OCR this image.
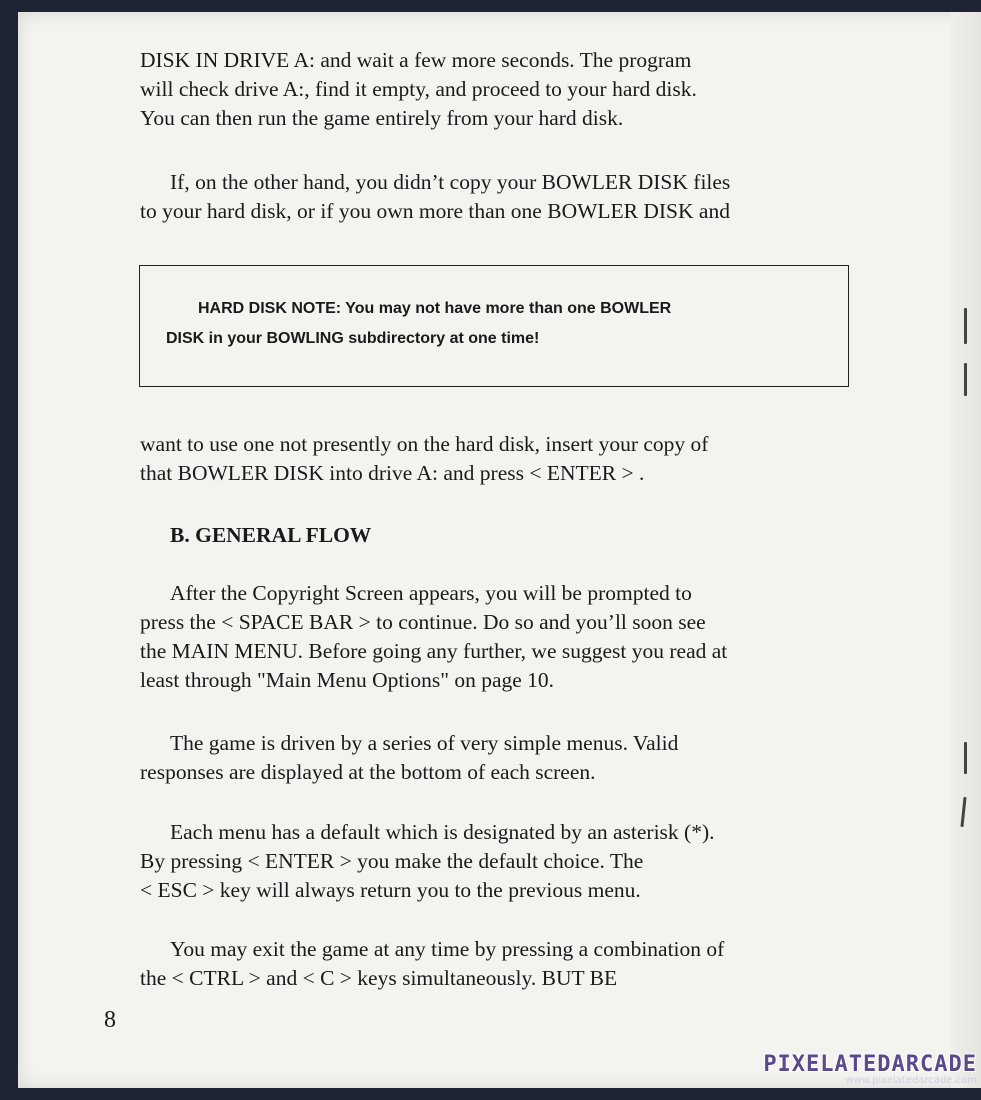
DISK IN DRIVE A: and wait a few more seconds. The program
will check drive A:, find it empty, and proceed to your hard disk.
You can then run the game entirely from your hard disk.

If, on the other hand, you didn’t copy your BOWLER DISK files
to your hard disk, or if you own more than one BOWLER DISK and

HARD DISK NOTE: You may not have more than one BOWLER
DISK in your BOWLING subdirectory at one time!

want to use one not presently on the hard disk, insert your copy of
that BOWLER DISK into drive A: and press < ENTER > .

B. GENERAL FLOW

After the Copyright Screen appears, you will be prompted to
press the < SPACE BAR > to continue. Do so and you’ll soon see
the MAIN MENU. Before going any further, we suggest you read at
least through "Main Menu Options" on page 10.

The game is driven by a series of very simple menus. Valid
responses are displayed at the bottom of each screen.

Each menu has a default which is designated by an asterisk (*).
By pressing < ENTER > you make the default choice. The
< ESC > key will always return you to the previous menu.

You may exit the game at any time by pressing a combination of
the < CTRL > and < C > keys simultaneously. BUT BE

8
PIXELATEDARCADE
www.pixelatedarcade.com
